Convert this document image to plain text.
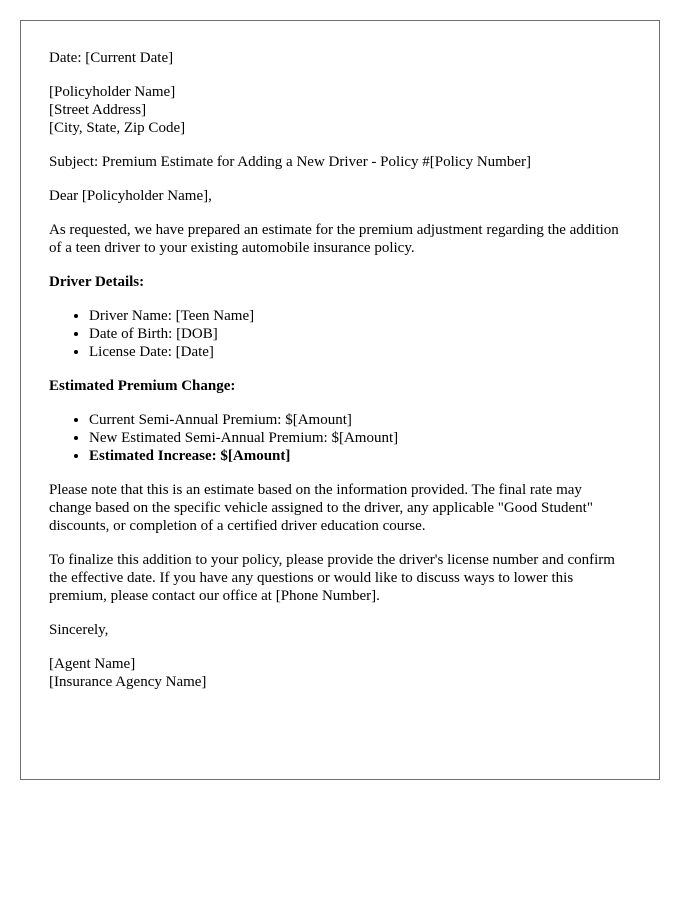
Date: [Current Date]

[Policyholder Name]
[Street Address]
[City, State, Zip Code]

Subject: Premium Estimate for Adding a New Driver - Policy #[Policy Number]

Dear [Policyholder Name],

As requested, we have prepared an estimate for the premium adjustment regarding the addition of a teen driver to your existing automobile insurance policy.

Driver Details:

• Driver Name: [Teen Name]
• Date of Birth: [DOB]
• License Date: [Date]

Estimated Premium Change:

• Current Semi-Annual Premium: $[Amount]
• New Estimated Semi-Annual Premium: $[Amount]
• Estimated Increase: $[Amount]

Please note that this is an estimate based on the information provided. The final rate may change based on the specific vehicle assigned to the driver, any applicable "Good Student" discounts, or completion of a certified driver education course.

To finalize this addition to your policy, please provide the driver's license number and confirm the effective date. If you have any questions or would like to discuss ways to lower this premium, please contact our office at [Phone Number].

Sincerely,

[Agent Name]
[Insurance Agency Name]
